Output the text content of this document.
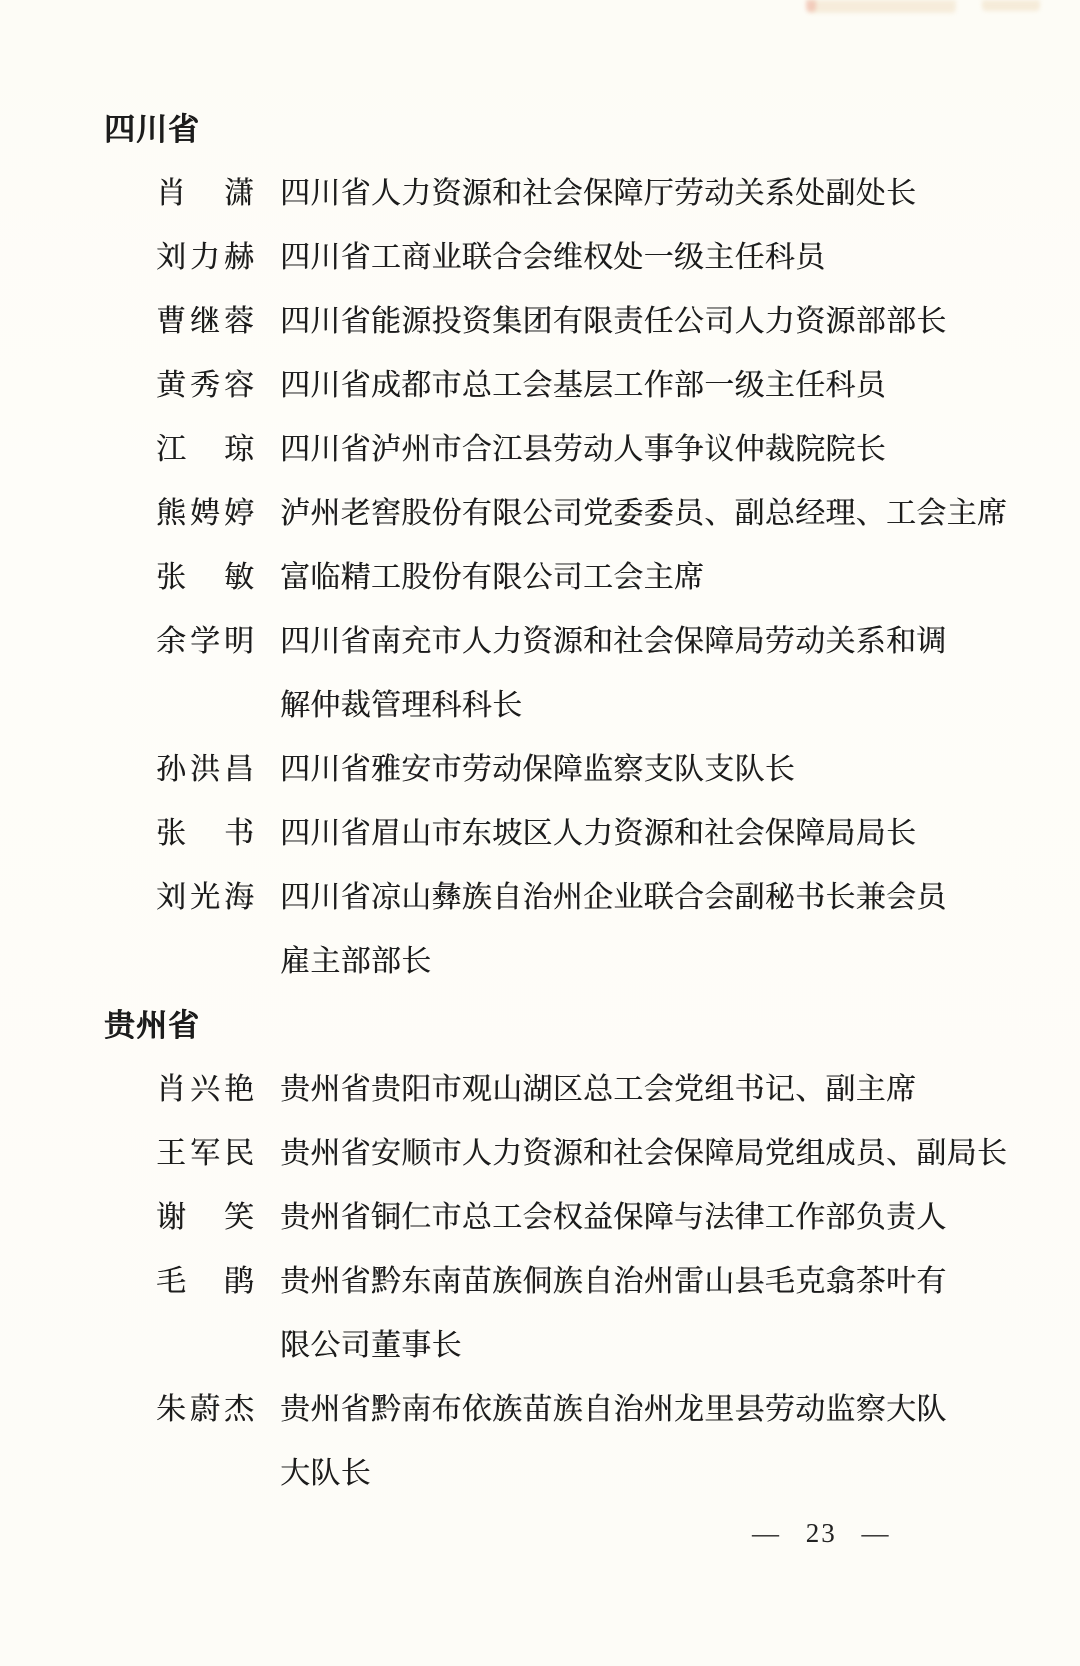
四川省
肖潇 四川省人力资源和社会保障厅劳动关系处副处长
刘力赫 四川省工商业联合会维权处一级主任科员
曹继蓉 四川省能源投资集团有限责任公司人力资源部部长
黄秀容 四川省成都市总工会基层工作部一级主任科员
江琼 四川省泸州市合江县劳动人事争议仲裁院院长
熊娉婷 泸州老窖股份有限公司党委委员、副总经理、工会主席
张敏 富临精工股份有限公司工会主席
余学明 四川省南充市人力资源和社会保障局劳动关系和调
解仲裁管理科科长
孙洪昌 四川省雅安市劳动保障监察支队支队长
张书 四川省眉山市东坡区人力资源和社会保障局局长
刘光海 四川省凉山彝族自治州企业联合会副秘书长兼会员
雇主部部长
贵州省
肖兴艳 贵州省贵阳市观山湖区总工会党组书记、副主席
王军民 贵州省安顺市人力资源和社会保障局党组成员、副局长
谢笑 贵州省铜仁市总工会权益保障与法律工作部负责人
毛鹃 贵州省黔东南苗族侗族自治州雷山县毛克翕茶叶有
限公司董事长
朱蔚杰 贵州省黔南布依族苗族自治州龙里县劳动监察大队
大队长
— 23 —
